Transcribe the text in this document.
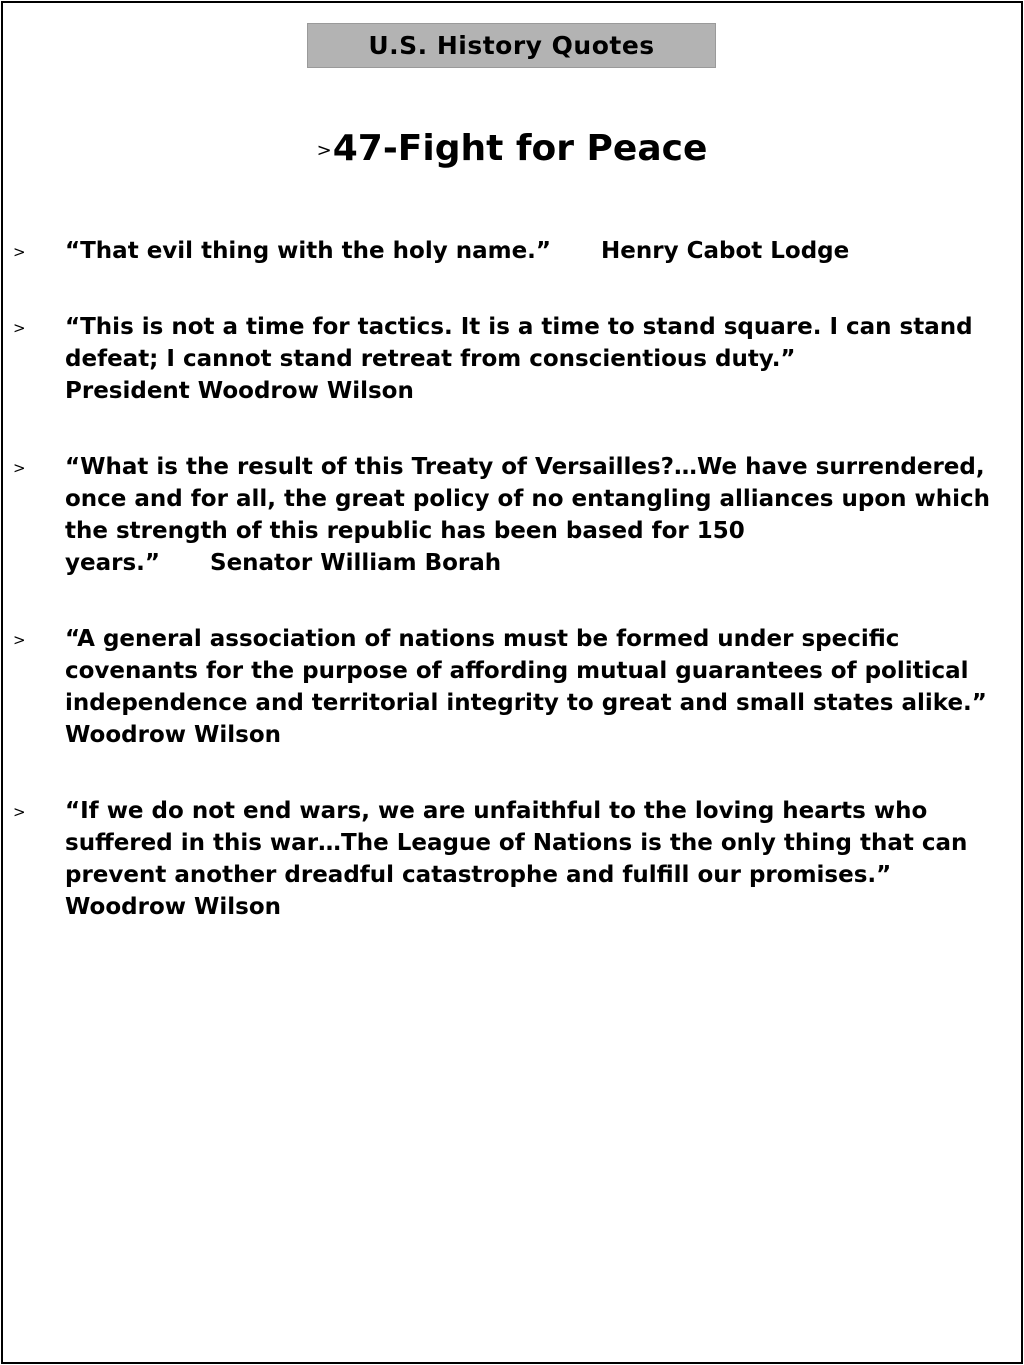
U.S. History Quotes
>47-Fight for Peace
> “That evil thing with the holy name.” Henry Cabot Lodge
> “This is not a time for tactics. It is a time to stand square. I can stand defeat; I cannot stand retreat from conscientious duty.”
President Woodrow Wilson
> “What is the result of this Treaty of Versailles?…We have surrendered, once and for all, the great policy of no entangling alliances upon which the strength of this republic has been based for 150 years.” Senator William Borah
> “A general association of nations must be formed under specific covenants for the purpose of affording mutual guarantees of political independence and territorial integrity to great and small states alike.”
Woodrow Wilson
> “If we do not end wars, we are unfaithful to the loving hearts who suffered in this war…The League of Nations is the only thing that can prevent another dreadful catastrophe and fulfill our promises.”
Woodrow Wilson
